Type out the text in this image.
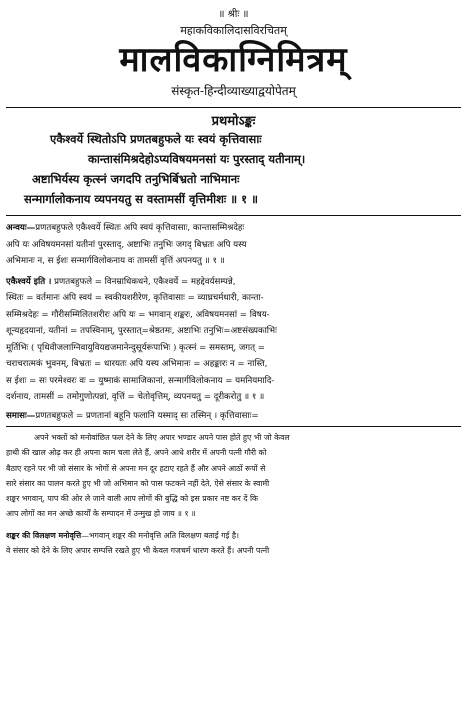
॥ श्रीः ॥
महाकविकालिदासविरचितम्
मालविकाग्निमित्रम्
संस्कृत-हिन्दीव्याख्याद्वयोपेतम्
प्रथमोऽङ्कः
एकैश्वर्ये स्थितोऽपि प्रणतबहुफले यः स्वयं कृत्तिवासाः
कान्तासंमिश्रदेहोऽप्यविषयमनसां यः पुरस्ताद् यतीनाम्।
अष्टाभिर्यस्य कृत्स्नं जगदपि तनुभिर्बिभ्रतो नाभिमानः
सन्मार्गालोकनाय व्यपनयतु स वस्तामसीं वृत्तिमीशः ॥ १ ॥

अन्वयः—प्रणतबहुफले एकैश्वर्ये स्थितः अपि स्वयं कृत्तिवासाः, कान्तासम्मिश्रदेहः

अपि यः अविषयमनसां यतीनां पुरस्ताद्, अष्टाभिः तनुभिः जगद् बिभ्रतः अपि यस्य

अभिमानः न, स ईशः सन्मार्गविलोकनाय वः तामसीं वृत्तिं अपनयतु ॥ १ ॥

एकैश्वर्ये इति । प्रणतबहुफले = विनम्राधिकधने, एकैश्वर्ये = महद्देवर्यसम्पन्ने,

स्थितः = वर्तमानः अपि स्वयं = स्वकीयशरीरेण, कृत्तिवासाः = व्याघ्रचर्मधारी, कान्ता-

सम्मिश्रदेहः = गौरीसम्मिलितशरीरः अपि यः = भगवान् शङ्करः, अविषयमनसां = विषय-

शून्यहृदयानां, यतीनां = तपस्विनाम्, पुरस्तात्=श्रेष्ठतमः, अष्टाभिः तनुभिः=अष्टसंख्यकाभिः

मूर्तिभिः ( पृथिवीजलाग्निवायुवियद्यजमानेन्दुसूर्यरूपाभिः ) कृत्स्नं = समस्तम्, जगत् =

चराचरात्मकं भुवनम्, बिभ्रतः = धारयतः अपि यस्य अभिमानः = अहङ्कारः न = नास्ति,

स ईशः = सः परमेश्वरः वः = युष्माकं सामाजिकानां, सन्मार्गविलोकनाय = यमनियमादि-

दर्शनाय, तामसीं = तमोगुणोत्पन्नां, वृत्तिं = चेतोवृत्तिम्, व्यपनयतु = दूरीकरोतु ॥ १ ॥

समासः—प्रणतबहुफले = प्रणतानां बहूनि फलानि यस्माद् सः तस्मिन् । कृत्तिवासाः=

अपने भक्तों को मनोवांछित फल देने के लिए अपार भण्डार अपने पास होते हुए भी जो केवल

हाथी की खाल ओढ़ कर ही अपना काम चला लेते हैं, अपने आधे शरीर में अपनी पत्नी गौरी को

बैठाए रहने पर भी जो संसार के भोगों से अपना मन दूर हटाए रहते हैं और अपने आठों रूपों से

सारे संसार का पालन करते हुए भी जो अभिमान को पास फटकने नहीं देते, ऐसे संसार के स्वामी

शङ्कर भगवान्, पाप की ओर ले जाने वाली आप लोगों की बुद्धि को इस प्रकार नष्ट कर दें कि

आप लोगों का मन अच्छे कार्यों के सम्पादन में उन्मुख हो जाय ॥ १ ॥

शङ्कर की विलक्षण मनोवृत्ति—भगवान् शङ्कर की मनोवृत्ति अति विलक्षण बताई गई है।

वे संसार को देने के लिए अपार सम्पत्ति रखते हुए भी केवल गजचर्म धारण करते हैं। अपनी पत्नी
